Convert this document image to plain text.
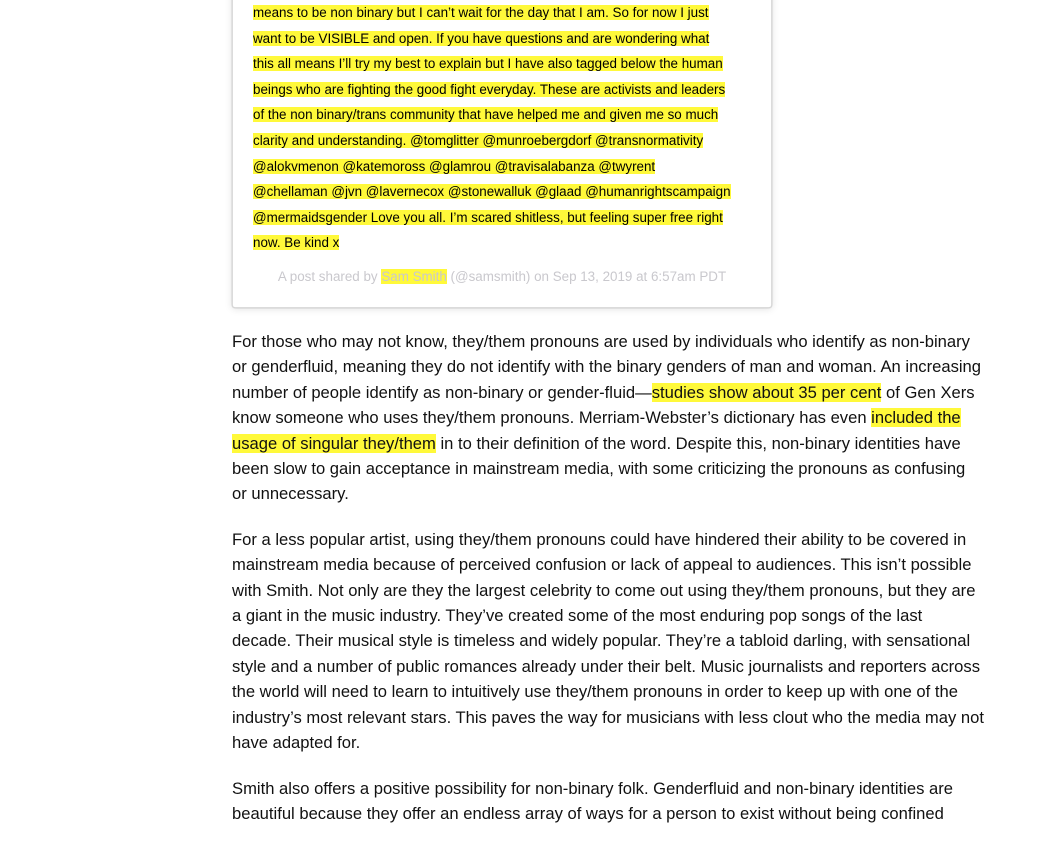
means to be non binary but I can’t wait for the day that I am. So for now I just
want to be VISIBLE and open. If you have questions and are wondering what
this all means I’ll try my best to explain but I have also tagged below the human
beings who are fighting the good fight everyday. These are activists and leaders
of the non binary/trans community that have helped me and given me so much
clarity and understanding. @tomglitter @munroebergdorf @transnormativity
@alokvmenon @katemoross @glamrou @travisalabanza @twyrent
@chellaman @jvn @lavernecox @stonewalluk @glaad @humanrightscampaign
@mermaidsgender Love you all. I’m scared shitless, but feeling super free right
now. Be kind x

A post shared by Sam Smith (@samsmith) on Sep 13, 2019 at 6:57am PDT

For those who may not know, they/them pronouns are used by individuals who identify as non-binary or genderfluid, meaning they do not identify with the binary genders of man and woman. An increasing number of people identify as non-binary or gender-fluid—studies show about 35 per cent of Gen Xers know someone who uses they/them pronouns. Merriam-Webster’s dictionary has even included the usage of singular they/them in to their definition of the word. Despite this, non-binary identities have been slow to gain acceptance in mainstream media, with some criticizing the pronouns as confusing or unnecessary.

For a less popular artist, using they/them pronouns could have hindered their ability to be covered in mainstream media because of perceived confusion or lack of appeal to audiences. This isn’t possible with Smith. Not only are they the largest celebrity to come out using they/them pronouns, but they are a giant in the music industry. They’ve created some of the most enduring pop songs of the last decade. Their musical style is timeless and widely popular. They’re a tabloid darling, with sensational style and a number of public romances already under their belt. Music journalists and reporters across the world will need to learn to intuitively use they/them pronouns in order to keep up with one of the industry’s most relevant stars. This paves the way for musicians with less clout who the media may not have adapted for.

Smith also offers a positive possibility for non-binary folk. Genderfluid and non-binary identities are beautiful because they offer an endless array of ways for a person to exist without being confined
